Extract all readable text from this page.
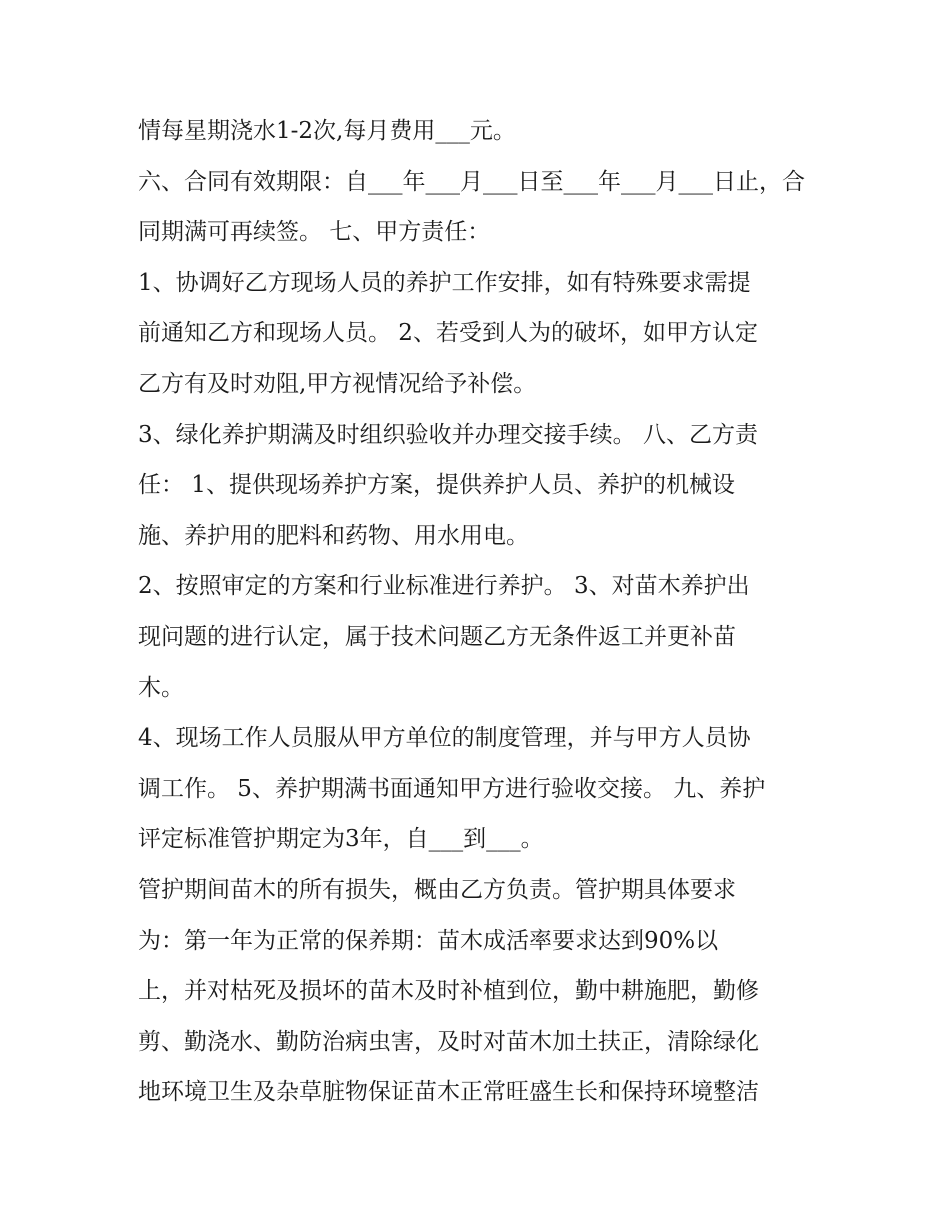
情每星期浇水1-2次,每月费用___元。
六、合同有效期限：自___年___月___日至___年___月___日止，合
同期满可再续签。 七、甲方责任：
1、协调好乙方现场人员的养护工作安排，如有特殊要求需提
前通知乙方和现场人员。 2、若受到人为的破坏，如甲方认定
乙方有及时劝阻,甲方视情况给予补偿。
3、绿化养护期满及时组织验收并办理交接手续。 八、乙方责
任： 1、提供现场养护方案，提供养护人员、养护的机械设
施、养护用的肥料和药物、用水用电。
2、按照审定的方案和行业标准进行养护。 3、对苗木养护出
现问题的进行认定，属于技术问题乙方无条件返工并更补苗
木。
4、现场工作人员服从甲方单位的制度管理，并与甲方人员协
调工作。 5、养护期满书面通知甲方进行验收交接。 九、养护
评定标准管护期定为3年，自___到___。
管护期间苗木的所有损失，概由乙方负责。管护期具体要求
为：第一年为正常的保养期：苗木成活率要求达到90%以
上，并对枯死及损坏的苗木及时补植到位，勤中耕施肥，勤修
剪、勤浇水、勤防治病虫害，及时对苗木加土扶正，清除绿化
地环境卫生及杂草脏物保证苗木正常旺盛生长和保持环境整洁
